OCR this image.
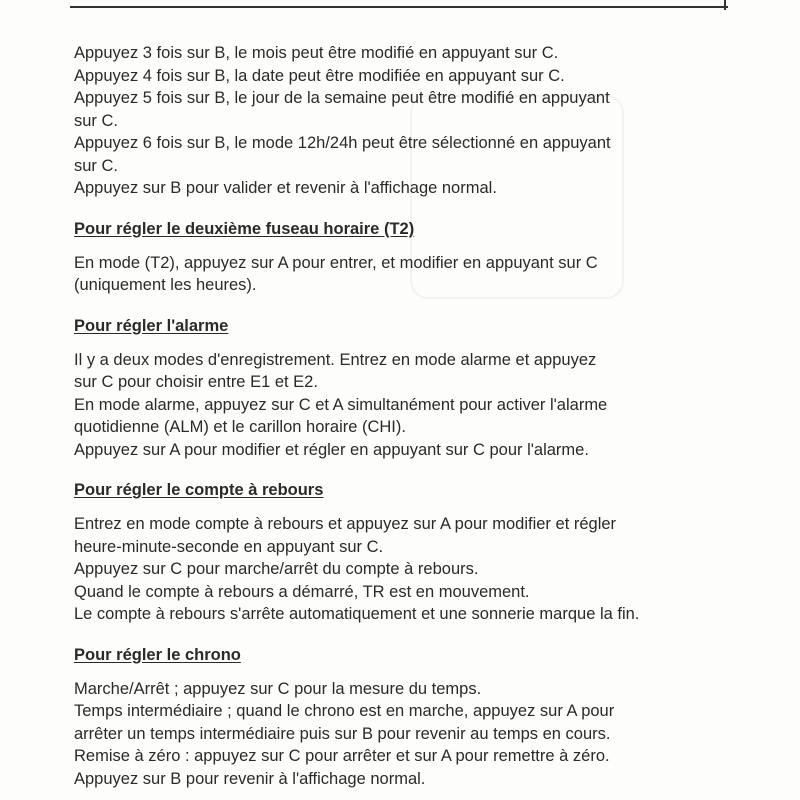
Appuyez 3 fois sur B, le mois peut être modifié en appuyant sur C.

Appuyez 4 fois sur B, la date peut être modifiée en appuyant sur C.

Appuyez 5 fois sur B, le jour de la semaine peut être modifié en appuyant

sur C.

Appuyez 6 fois sur B, le mode 12h/24h peut être sélectionné en appuyant

sur C.

Appuyez sur B pour valider et revenir à l'affichage normal.

Pour régler le deuxième fuseau horaire (T2)

En mode (T2), appuyez sur A pour entrer, et modifier en appuyant sur C

(uniquement les heures).

Pour régler l'alarme

Il y a deux modes d'enregistrement. Entrez en mode alarme et appuyez

sur C pour choisir entre E1 et E2.

En mode alarme, appuyez sur C et A simultanément pour activer l'alarme

quotidienne (ALM) et le carillon horaire (CHI).

Appuyez sur A pour modifier et régler en appuyant sur C pour l'alarme.

Pour régler le compte à rebours

Entrez en mode compte à rebours et appuyez sur A pour modifier et régler

heure-minute-seconde en appuyant sur C.

Appuyez sur C pour marche/arrêt du compte à rebours.

Quand le compte à rebours a démarré, TR est en mouvement.

Le compte à rebours s'arrête automatiquement et une sonnerie marque la fin.

Pour régler le chrono

Marche/Arrêt ; appuyez sur C pour la mesure du temps.

Temps intermédiaire ; quand le chrono est en marche, appuyez sur A pour

arrêter un temps intermédiaire puis sur B pour revenir au temps en cours.

Remise à zéro : appuyez sur C pour arrêter et sur A pour remettre à zéro.

Appuyez sur B pour revenir à l'affichage normal.
